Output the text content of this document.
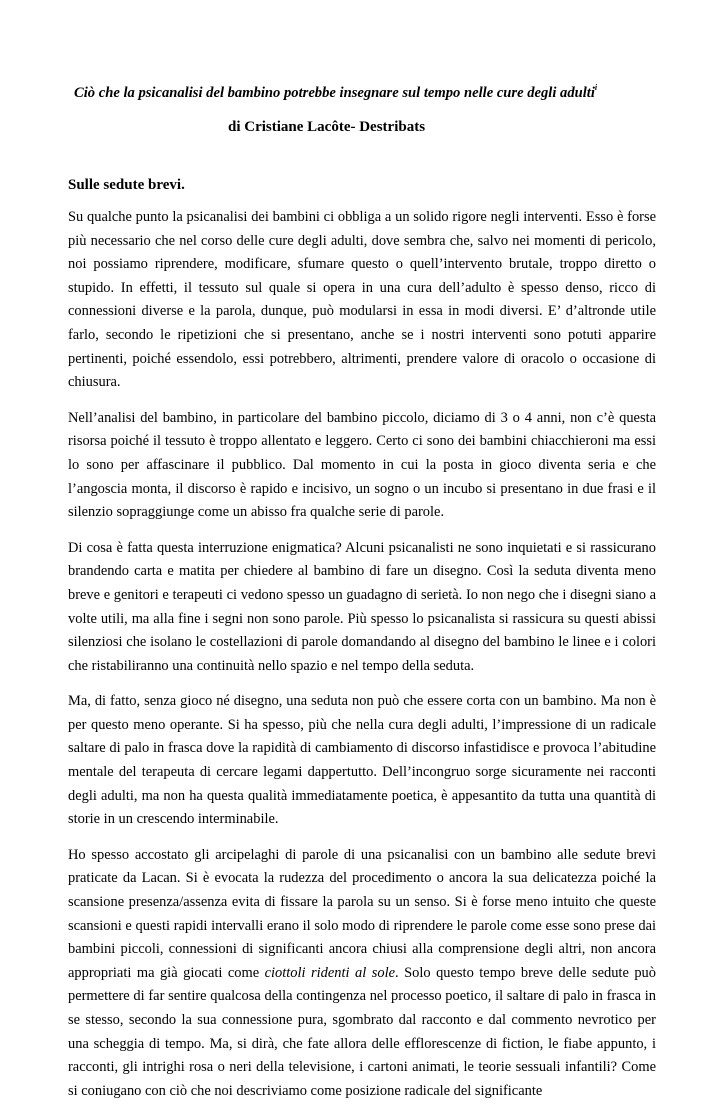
Ciò che la psicanalisi del bambino potrebbe insegnare sul tempo nelle cure degli adulti$^i$
di Cristiane Lacôte- Destribats
Sulle sedute brevi.

Su qualche punto la psicanalisi dei bambini ci obbliga a un solido rigore negli interventi. Esso è forse più necessario che nel corso delle cure degli adulti, dove sembra che, salvo nei momenti di pericolo, noi possiamo riprendere, modificare, sfumare questo o quell’intervento brutale, troppo diretto o stupido. In effetti, il tessuto sul quale si opera in una cura dell’adulto è spesso denso, ricco di connessioni diverse e la parola, dunque, può modularsi in essa in modi diversi. E’ d’altronde utile farlo, secondo le ripetizioni che si presentano, anche se i nostri interventi sono potuti apparire pertinenti, poiché essendolo, essi potrebbero, altrimenti, prendere valore di oracolo o occasione di chiusura.

Nell’analisi del bambino, in particolare del bambino piccolo, diciamo di 3 o 4 anni, non c’è questa risorsa poiché il tessuto è troppo allentato e leggero. Certo ci sono dei bambini chiacchieroni ma essi lo sono per affascinare il pubblico. Dal momento in cui la posta in gioco diventa seria e che l’angoscia monta, il discorso è rapido e incisivo, un sogno o un incubo si presentano in due frasi e il silenzio sopraggiunge come un abisso fra qualche serie di parole.

Di cosa è fatta questa interruzione enigmatica? Alcuni psicanalisti ne sono inquietati e si rassicurano brandendo carta e matita per chiedere al bambino di fare un disegno. Così la seduta diventa meno breve e genitori e terapeuti ci vedono spesso un guadagno di serietà. Io non nego che i disegni siano a volte utili, ma alla fine i segni non sono parole. Più spesso lo psicanalista si rassicura su questi abissi silenziosi che isolano le costellazioni di parole domandando al disegno del bambino le linee e i colori che ristabiliranno una continuità nello spazio e nel tempo della seduta.

Ma, di fatto, senza gioco né disegno, una seduta non può che essere corta con un bambino. Ma non è per questo meno operante. Si ha spesso, più che nella cura degli adulti, l’impressione di un radicale saltare di palo in frasca dove la rapidità di cambiamento di discorso infastidisce e provoca l’abitudine mentale del terapeuta di cercare legami dappertutto. Dell’incongruo sorge sicuramente nei racconti degli adulti, ma non ha questa qualità immediatamente poetica, è appesantito da tutta una quantità di storie in un crescendo interminabile.

Ho spesso accostato gli arcipelaghi di parole di una psicanalisi con un bambino alle sedute brevi praticate da Lacan. Si è evocata la rudezza del procedimento o ancora la sua delicatezza poiché la scansione presenza/assenza evita di fissare la parola su un senso. Si è forse meno intuito che queste scansioni e questi rapidi intervalli erano il solo modo di riprendere le parole come esse sono prese dai bambini piccoli, connessioni di significanti ancora chiusi alla comprensione degli altri, non ancora appropriati ma già giocati come ciottoli ridenti al sole. Solo questo tempo breve delle sedute può permettere di far sentire qualcosa della contingenza nel processo poetico, il saltare di palo in frasca in se stesso, secondo la sua connessione pura, sgombrato dal racconto e dal commento nevrotico per una scheggia di tempo. Ma, si dirà, che fate allora delle efflorescenze di fiction, le fiabe appunto, i racconti, gli intrighi rosa o neri della televisione, i cartoni animati, le teorie sessuali infantili? Come si coniugano con ciò che noi descriviamo come posizione radicale del significante
